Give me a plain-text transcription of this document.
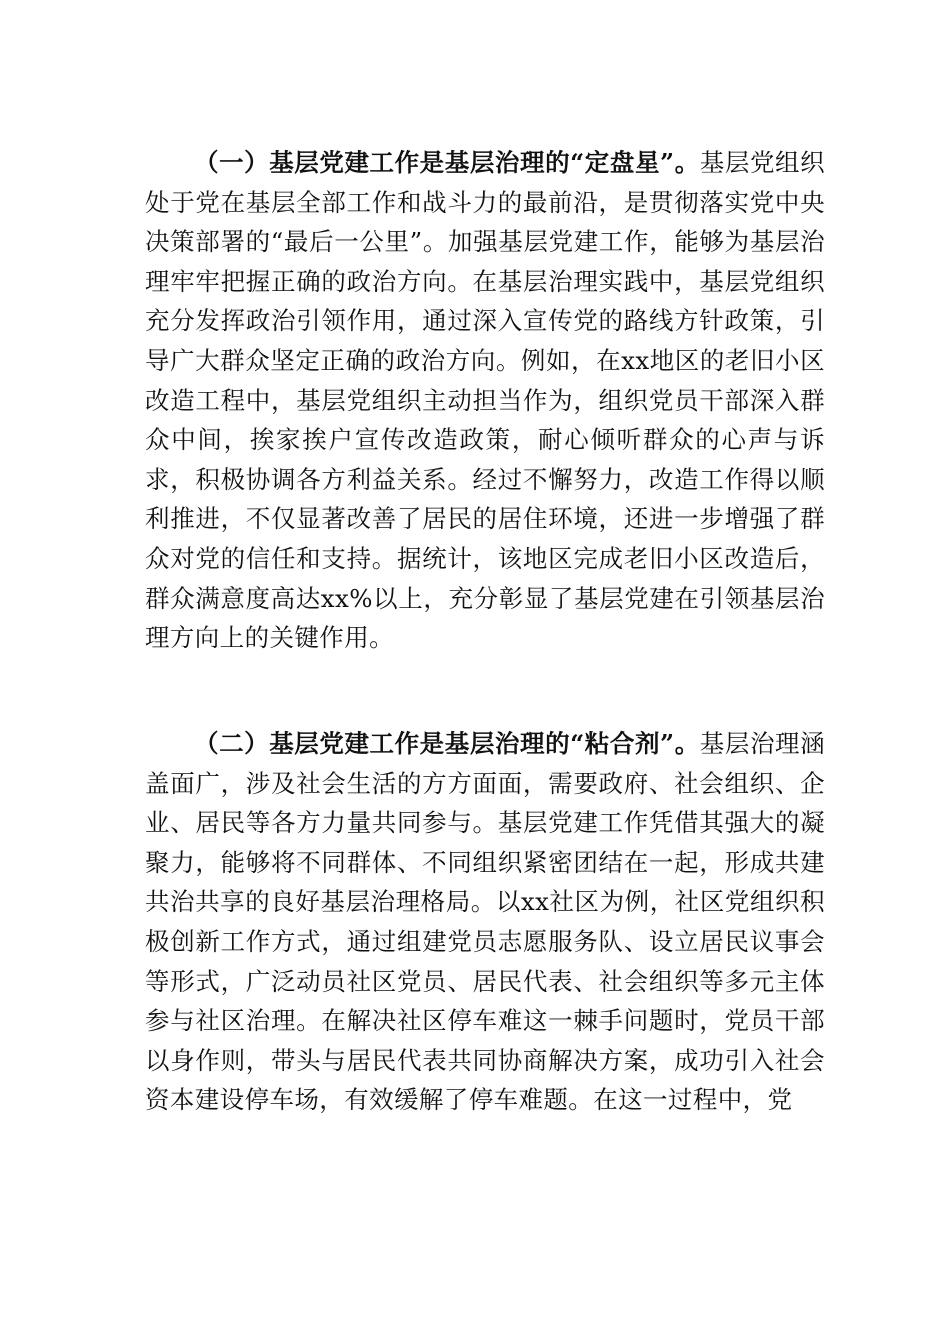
（一）基层党建工作是基层治理的“定盘星”。基层党组织处于党在基层全部工作和战斗力的最前沿，是贯彻落实党中央决策部署的“最后一公里”。加强基层党建工作，能够为基层治理牢牢把握正确的政治方向。在基层治理实践中，基层党组织充分发挥政治引领作用，通过深入宣传党的路线方针政策，引导广大群众坚定正确的政治方向。例如，在xx地区的老旧小区改造工程中，基层党组织主动担当作为，组织党员干部深入群众中间，挨家挨户宣传改造政策，耐心倾听群众的心声与诉求，积极协调各方利益关系。经过不懈努力，改造工作得以顺利推进，不仅显著改善了居民的居住环境，还进一步增强了群众对党的信任和支持。据统计，该地区完成老旧小区改造后，群众满意度高达xx%以上，充分彰显了基层党建在引领基层治理方向上的关键作用。

（二）基层党建工作是基层治理的“粘合剂”。基层治理涵盖面广，涉及社会生活的方方面面，需要政府、社会组织、企业、居民等各方力量共同参与。基层党建工作凭借其强大的凝聚力，能够将不同群体、不同组织紧密团结在一起，形成共建共治共享的良好基层治理格局。以xx社区为例，社区党组织积极创新工作方式，通过组建党员志愿服务队、设立居民议事会等形式，广泛动员社区党员、居民代表、社会组织等多元主体参与社区治理。在解决社区停车难这一棘手问题时，党员干部以身作则，带头与居民代表共同协商解决方案，成功引入社会资本建设停车场，有效缓解了停车难题。在这一过程中，党
